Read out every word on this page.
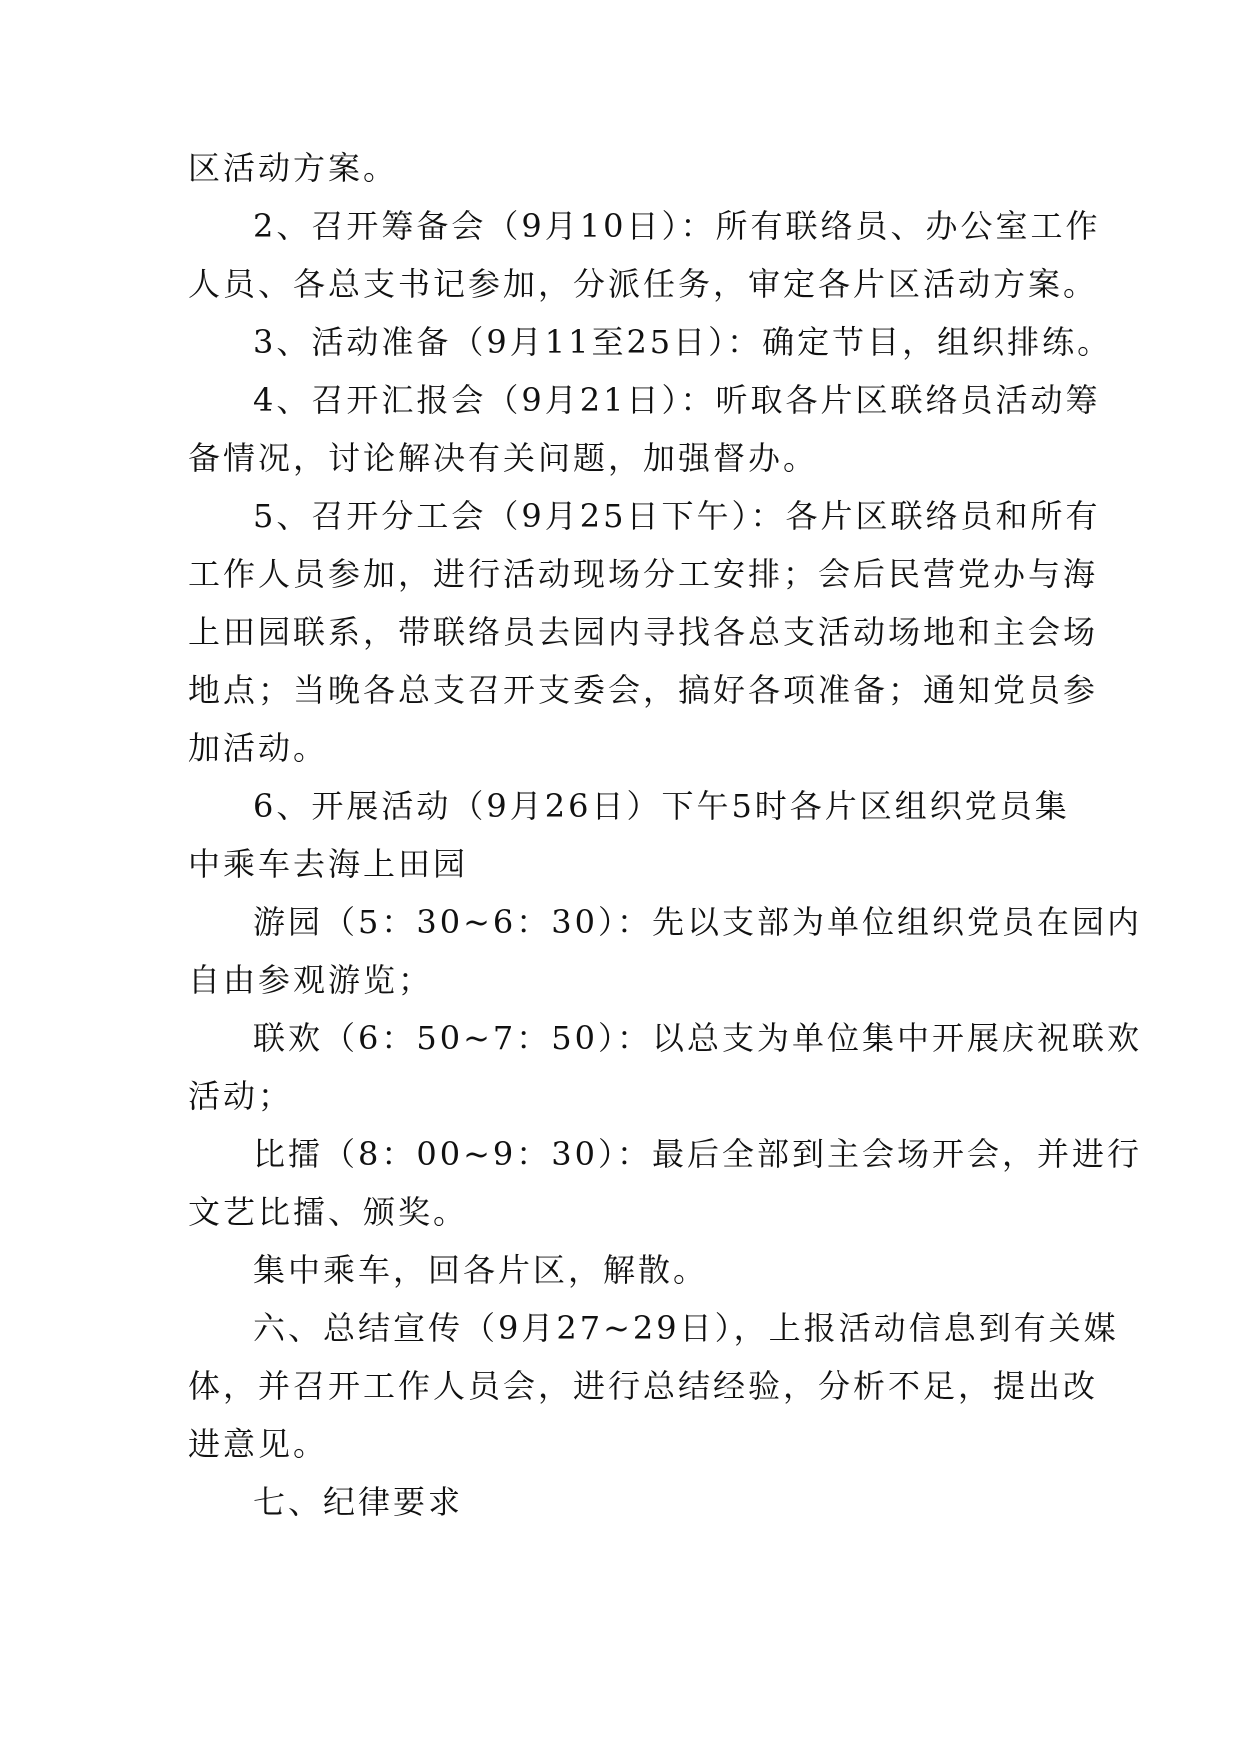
区活动方案。
2、召开筹备会（9月10日）：所有联络员、办公室工作
人员、各总支书记参加，分派任务，审定各片区活动方案。
3、活动准备（9月11至25日）：确定节目，组织排练。
4、召开汇报会（9月21日）：听取各片区联络员活动筹
备情况，讨论解决有关问题，加强督办。
5、召开分工会（9月25日下午）：各片区联络员和所有
工作人员参加，进行活动现场分工安排；会后民营党办与海
上田园联系，带联络员去园内寻找各总支活动场地和主会场
地点；当晚各总支召开支委会，搞好各项准备；通知党员参
加活动。
6、开展活动（9月26日）下午5时各片区组织党员集
中乘车去海上田园
游园（5：30~6：30）：先以支部为单位组织党员在园内
自由参观游览；
联欢（6：50~7：50）：以总支为单位集中开展庆祝联欢
活动；
比擂（8：00~9：30）：最后全部到主会场开会，并进行
文艺比擂、颁奖。
集中乘车，回各片区，解散。
六、总结宣传（9月27~29日），上报活动信息到有关媒
体，并召开工作人员会，进行总结经验，分析不足，提出改
进意见。
七、纪律要求
